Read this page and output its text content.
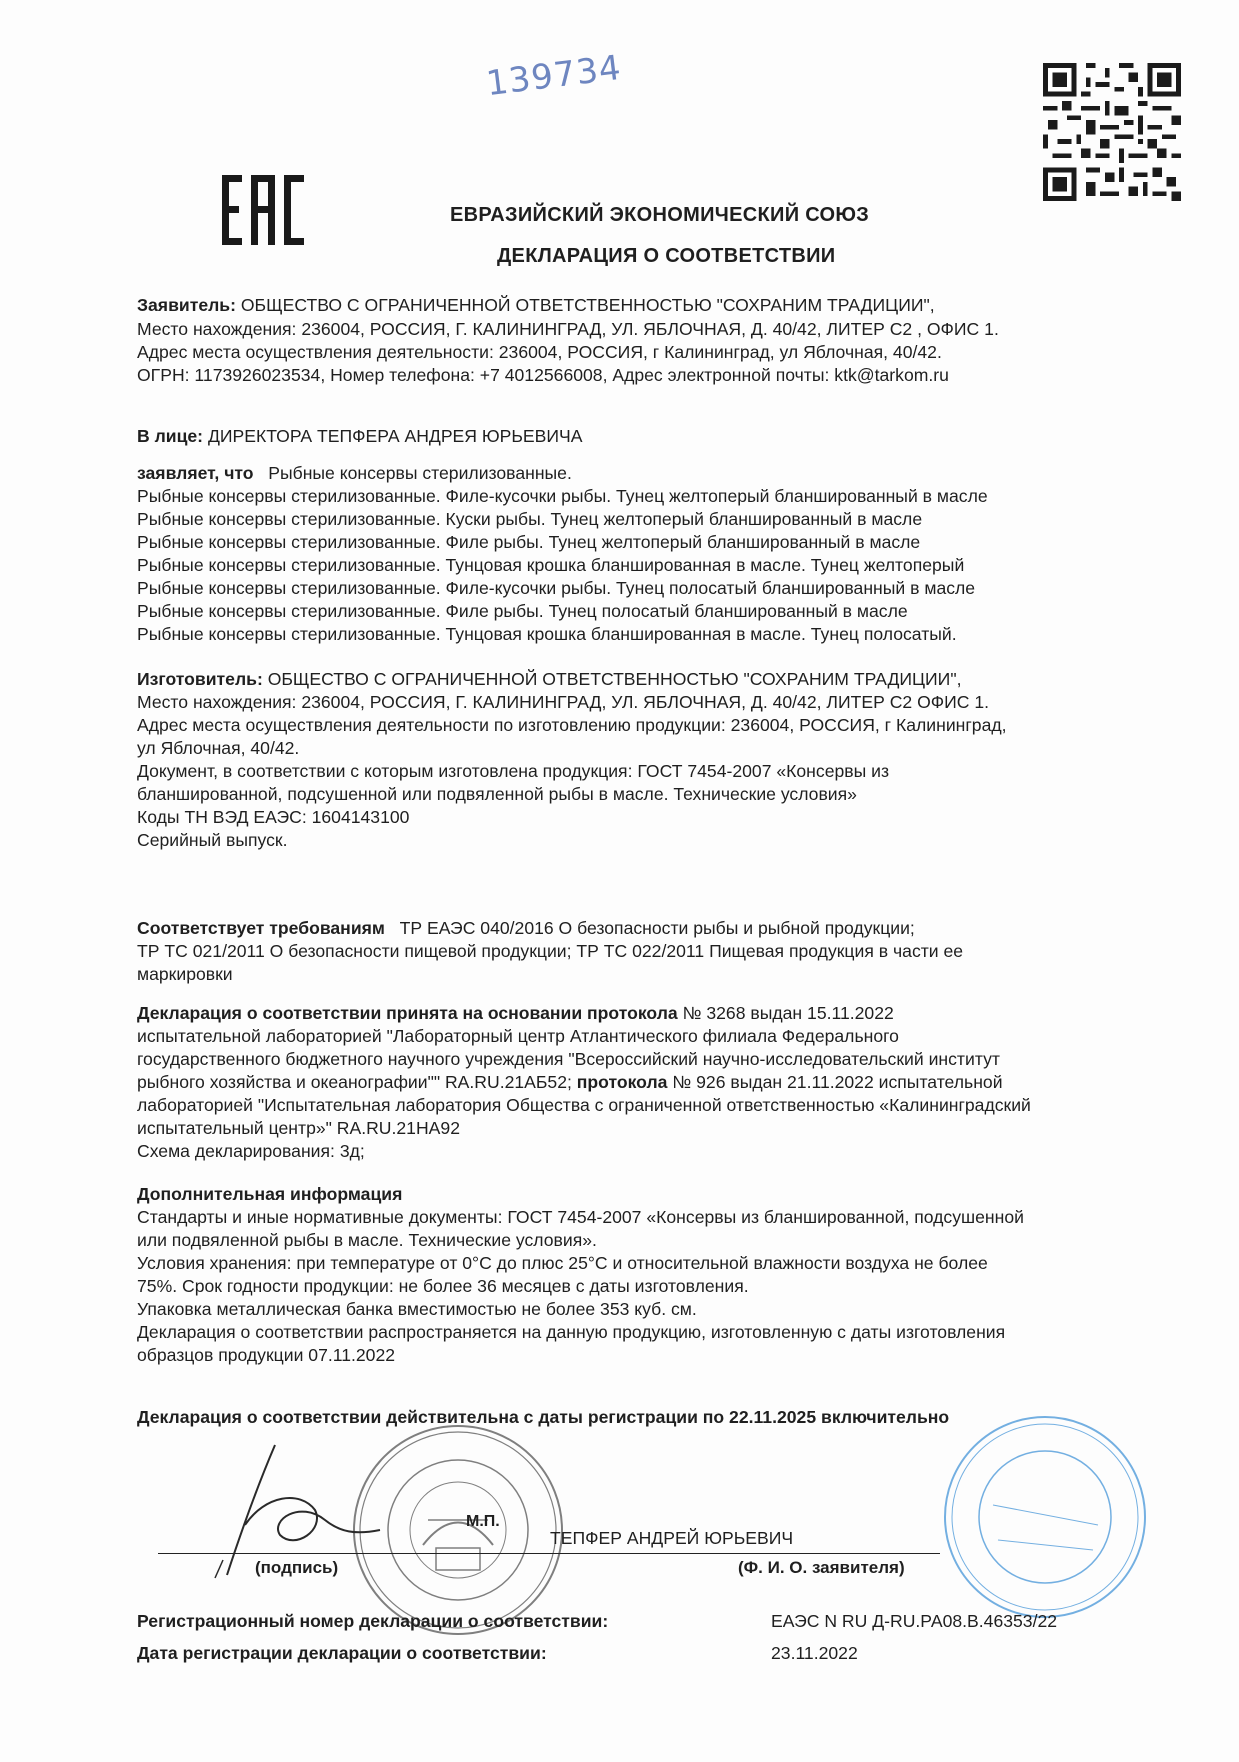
139734
ЕВРАЗИЙСКИЙ ЭКОНОМИЧЕСКИЙ СОЮЗ
ДЕКЛАРАЦИЯ О СООТВЕТСТВИИ
Заявитель: ОБЩЕСТВО С ОГРАНИЧЕННОЙ ОТВЕТСТВЕННОСТЬЮ "СОХРАНИМ ТРАДИЦИИ",
Место нахождения: 236004, РОССИЯ, Г. КАЛИНИНГРАД, УЛ. ЯБЛОЧНАЯ, Д. 40/42, ЛИТЕР С2 , ОФИС 1.
Адрес места осуществления деятельности: 236004, РОССИЯ, г Калининград, ул Яблочная, 40/42.
ОГРН: 1173926023534, Номер телефона: +7 4012566008, Адрес электронной почты: ktk@tarkom.ru
В лице: ДИРЕКТОРА ТЕПФЕРА АНДРЕЯ ЮРЬЕВИЧА
заявляет, что Рыбные консервы стерилизованные.
Рыбные консервы стерилизованные. Филе-кусочки рыбы. Тунец желтоперый бланшированный в масле
Рыбные консервы стерилизованные. Куски рыбы. Тунец желтоперый бланшированный в масле
Рыбные консервы стерилизованные. Филе рыбы. Тунец желтоперый бланшированный в масле
Рыбные консервы стерилизованные. Тунцовая крошка бланшированная в масле. Тунец желтоперый
Рыбные консервы стерилизованные. Филе-кусочки рыбы. Тунец полосатый бланшированный в масле
Рыбные консервы стерилизованные. Филе рыбы. Тунец полосатый бланшированный в масле
Рыбные консервы стерилизованные. Тунцовая крошка бланшированная в масле. Тунец полосатый.
Изготовитель: ОБЩЕСТВО С ОГРАНИЧЕННОЙ ОТВЕТСТВЕННОСТЬЮ "СОХРАНИМ ТРАДИЦИИ",
Место нахождения: 236004, РОССИЯ, Г. КАЛИНИНГРАД, УЛ. ЯБЛОЧНАЯ, Д. 40/42, ЛИТЕР С2 ОФИС 1.
Адрес места осуществления деятельности по изготовлению продукции: 236004, РОССИЯ, г Калининград,
ул Яблочная, 40/42.
Документ, в соответствии с которым изготовлена продукция: ГОСТ 7454-2007 «Консервы из
бланшированной, подсушенной или подвяленной рыбы в масле. Технические условия»
Коды ТН ВЭД ЕАЭС: 1604143100
Серийный выпуск.
Соответствует требованиям ТР ЕАЭС 040/2016 О безопасности рыбы и рыбной продукции;
ТР ТС 021/2011 О безопасности пищевой продукции; ТР ТС 022/2011 Пищевая продукция в части ее
маркировки
Декларация о соответствии принята на основании протокола № 3268 выдан 15.11.2022
испытательной лабораторией "Лабораторный центр Атлантического филиала Федерального
государственного бюджетного научного учреждения "Всероссийский научно-исследовательский институт
рыбного хозяйства и океанографии"" RA.RU.21АБ52; протокола № 926 выдан 21.11.2022 испытательной
лабораторией "Испытательная лаборатория Общества с ограниченной ответственностью «Калининградский
испытательный центр»" RA.RU.21НА92
Схема декларирования: 3д;
Дополнительная информация
Стандарты и иные нормативные документы: ГОСТ 7454-2007 «Консервы из бланшированной, подсушенной
или подвяленной рыбы в масле. Технические условия».
Условия хранения: при температуре от 0°С до плюс 25°С и относительной влажности воздуха не более
75%. Срок годности продукции: не более 36 месяцев с даты изготовления.
Упаковка металлическая банка вместимостью не более 353 куб. см.
Декларация о соответствии распространяется на данную продукцию, изготовленную с даты изготовления
образцов продукции 07.11.2022
Декларация о соответствии действительна с даты регистрации по 22.11.2025 включительно
М.П.
ТЕПФЕР АНДРЕЙ ЮРЬЕВИЧ
(подпись)	(Ф. И. О. заявителя)
Регистрационный номер декларации о соответствии:	ЕАЭС N RU Д-RU.РА08.В.46353/22
Дата регистрации декларации о соответствии:	23.11.2022
